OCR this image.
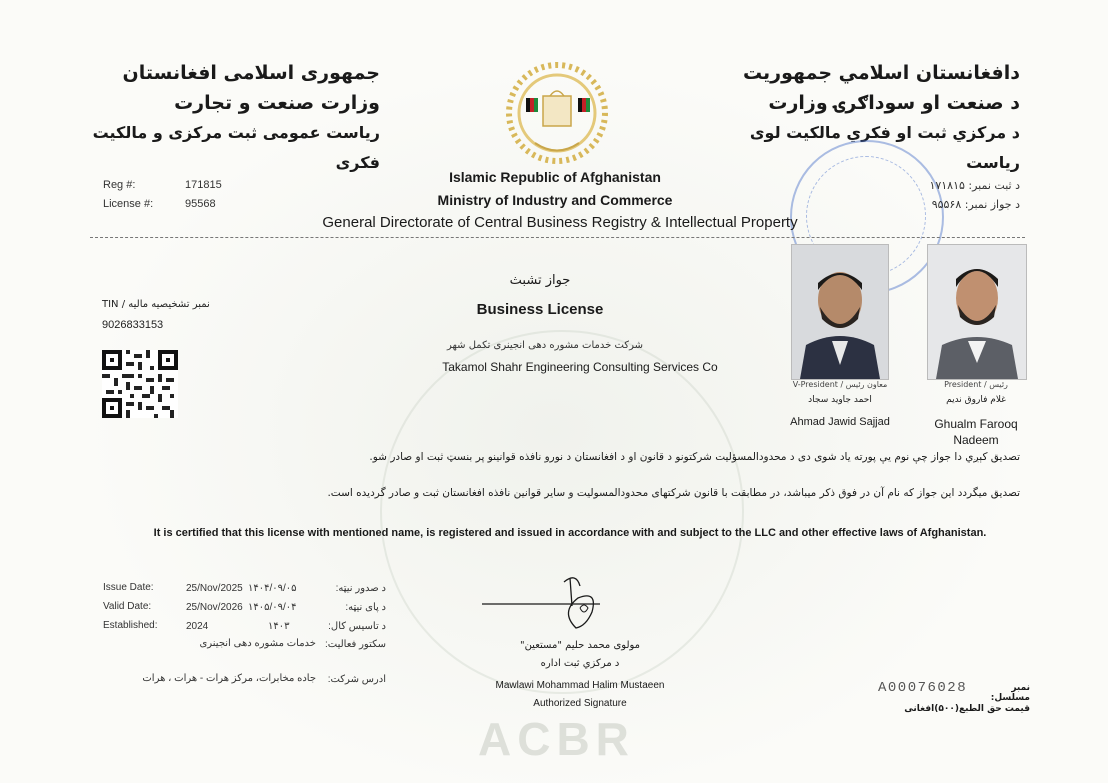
ACBR
جمهوری اسلامی افغانستان
وزارت صنعت و تجارت
ریاست عمومی ثبت مرکزی و مالکیت فکری
دافغانستان اسلامي جمهوريت
د صنعت او سوداګرۍ وزارت
د مرکزي ثبت او فکري مالکيت لوی رياست
Islamic Republic of Afghanistan
Ministry of Industry and Commerce
General Directorate of Central Business Registry & Intellectual Property
Reg #:	171815
License #:	95568
د ثبت نمبر: ۱۷۱۸۱۵
د جواز نمبر: ۹۵۵۶۸
جواز تشبث
Business License
شرکت خدمات مشوره دهی انجینری تکمل شهر
Takamol Shahr Engineering Consulting Services Co
نمبر تشخیصیه مالیه / TIN
9026833153
V-President / معاون رئیس
احمد جاوید سجاد
Ahmad Jawid Sajjad
President / رئیس
غلام فاروق ندیم
Ghualm Farooq Nadeem
تصدیق کېږي دا جواز چې نوم يې پورته ياد شوی دی د محدودالمسؤليت شرکتونو د قانون او د افغانستان د نورو نافذه قوانينو پر بنسټ ثبت او صادر شو.
تصدیق میگردد این جواز که نام آن در فوق ذکر میباشد، در مطابقت با قانون شرکتهای محدودالمسولیت و سایر قوانین نافذه افغانستان ثبت و صادر گردیده است.
It is certified that this license with mentioned name, is registered and issued in accordance with and subject to the LLC and other effective laws of Afghanistan.
Issue Date:	25/Nov/2025 ۱۴۰۴/۰۹/۰۵	د صدور نیټه:
Valid Date:	25/Nov/2026 ۱۴۰۵/۰۹/۰۴	د پای نیټه:
Established:	2024	۱۴۰۳	د تاسیس کال:
خدمات مشوره دهی انجینری سکتور فعالیت:
جاده مخابرات، مرکز هرات - هرات ، هرات	ادرس شرکت:
مولوی محمد حلیم "مستعین"
د مرکزي ثبت اداره
Mawlawi Mohammad Halim Mustaeen
Authorized Signature
A00076028	نمبر مسلسل:
قیمت حق الطبع(۵۰۰)افغانی
